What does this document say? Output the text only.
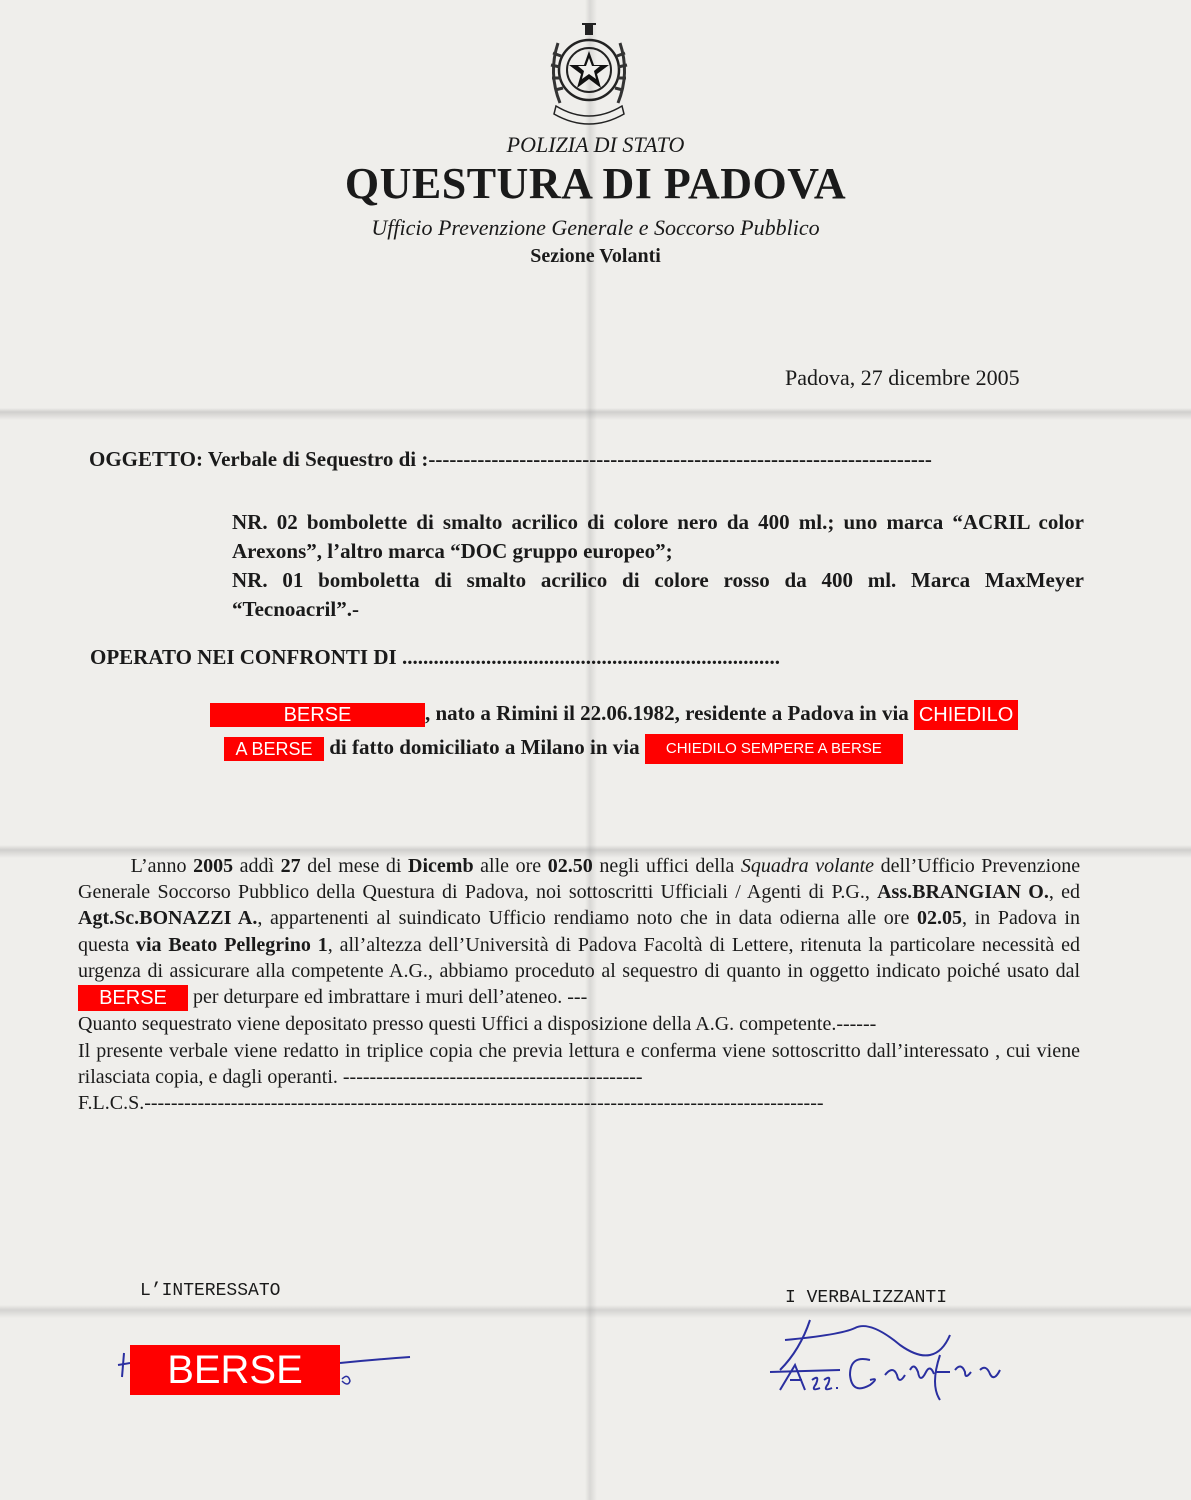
POLIZIA DI STATO
QUESTURA DI PADOVA
Ufficio Prevenzione Generale e Soccorso Pubblico
Sezione Volanti
Padova, 27 dicembre 2005
OGGETTO: Verbale di Sequestro di :------------------------------------------------------------------------

NR. 02 bombolette di smalto acrilico di colore nero da 400 ml.; uno marca “ACRIL color Arexons”, l’altro marca “DOC gruppo europeo”;

NR. 01 bomboletta di smalto acrilico di colore rosso da 400 ml. Marca MaxMeyer “Tecnoacril”.-

OPERATO NEI CONFRONTI DI ........................................................................
BERSE	, nato a Rimini il 22.06.1982, residente a Padova in via CHIEDILO
A BERSE di fatto domiciliato a Milano in via CHIEDILO SEMPERE A BERSE

L’anno 2005 addì 27 del mese di Dicemb alle ore 02.50 negli uffici della Squadra volante dell’Ufficio Prevenzione Generale Soccorso Pubblico della Questura di Padova, noi sottoscritti Ufficiali / Agenti di P.G., Ass.BRANGIAN O., ed Agt.Sc.BONAZZI A., appartenenti al suindicato Ufficio rendiamo noto che in data odierna alle ore 02.05, in Padova in questa via Beato Pellegrino 1, all’altezza dell’Università di Padova Facoltà di Lettere, ritenuta la particolare necessità ed urgenza di assicurare alla competente A.G., abbiamo proceduto al sequestro di quanto in oggetto indicato poiché usato dal BERSE per deturpare ed imbrattare i muri dell’ateneo. ---

Quanto sequestrato viene depositato presso questi Uffici a disposizione della A.G. competente.------

Il presente verbale viene redatto in triplice copia che previa lettura e conferma viene sottoscritto dall’interessato , cui viene rilasciata copia, e dagli operanti. ---------------------------------------------

F.L.C.S.------------------------------------------------------------------------------------------------------

L’INTERESSATO	I VERBALIZZANTI
BERSE
